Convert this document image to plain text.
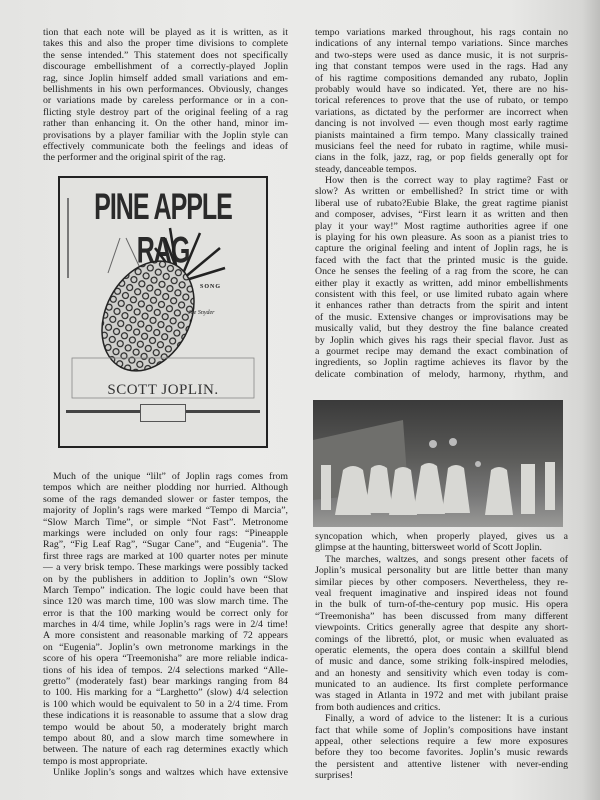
tion that each note will be played as it is written, as it
takes this and also the proper time divisions to complete
the sense intended.” This statement does not specifically
discourage embellishment of a correctly-played Joplin
rag, since Joplin himself added small variations and em-
bellishments in his own performances. Obviously, changes
or variations made by careless performance or in a con-
flicting style destroy part of the original feeling of a rag
rather than enhancing it. On the other hand, minor im-
provisations by a player familiar with the Joplin style can
effectively communicate both the feelings and ideas of
the performer and the original spirit of the rag.
PINE APPLE RAG
SONG
Joe Snyder
SCOTT JOPLIN.
Much of the unique “lilt” of Joplin rags comes from
tempos which are neither plodding nor hurried. Although
some of the rags demanded slower or faster tempos, the
majority of Joplin’s rags were marked “Tempo di Marcia”,
“Slow March Time”, or simple “Not Fast”. Metronome
markings were included on only four rags: “Pineapple
Rag”, “Fig Leaf Rag”, “Sugar Cane”, and “Eugenia”. The
first three rags are marked at 100 quarter notes per minute
— a very brisk tempo. These markings were possibly tacked
on by the publishers in addition to Joplin’s own “Slow
March Tempo” indication. The logic could have been that
since 120 was march time, 100 was slow march time. The
error is that the 100 marking would be correct only for
marches in 4/4 time, while Joplin’s rags were in 2/4 time!
A more consistent and reasonable marking of 72 appears
on “Eugenia”. Joplin’s own metronome markings in the
score of his opera “Treemonisha” are more reliable indica-
tions of his idea of tempos. 2/4 selections marked “Alle-
gretto” (moderately fast) bear markings ranging from 84
to 100. His marking for a “Larghetto” (slow) 4/4 selection
is 100 which would be equivalent to 50 in a 2/4 time. From
these indications it is reasonable to assume that a slow drag
tempo would be about 50, a moderately bright march
tempo about 80, and a slow march time somewhere in
between. The nature of each rag determines exactly which
tempo is most appropriate.
Unlike Joplin’s songs and waltzes which have extensive
tempo variations marked throughout, his rags contain no
indications of any internal tempo variations. Since marches
and two-steps were used as dance music, it is not surpris-
ing that constant tempos were used in the rags. Had any
of his ragtime compositions demanded any rubato, Joplin
probably would have so indicated. Yet, there are no his-
torical references to prove that the use of rubato, or tempo
variations, as dictated by the performer are incorrect when
dancing is not involved — even though most early ragtime
pianists maintained a firm tempo. Many classically trained
musicians feel the need for rubato in ragtime, while musi-
cians in the folk, jazz, rag, or pop fields generally opt for
steady, danceable tempos.
How then is the correct way to play ragtime? Fast or
slow? As written or embellished? In strict time or with
liberal use of rubato?Eubie Blake, the great ragtime pianist
and composer, advises, “First learn it as written and then
play it your way!” Most ragtime authorities agree if one
is playing for his own pleasure. As soon as a pianist tries to
capture the original feeling and intent of Joplin rags, he is
faced with the fact that the printed music is the guide.
Once he senses the feeling of a rag from the score, he can
either play it exactly as written, add minor embellishments
consistent with this feel, or use limited rubato again where
it enhances rather than detracts from the spirit and intent
of the music. Extensive changes or improvisations may be
musically valid, but they destroy the fine balance created
by Joplin which gives his rags their special flavor. Just as
a gourmet recipe may demand the exact combination of
ingredients, so Joplin ragtime achieves its flavor by the
delicate combination of melody, harmony, rhythm, and
syncopation which, when properly played, gives us a
glimpse at the haunting, bittersweet world of Scott Joplin.
The marches, waltzes, and songs present other facets of
Joplin’s musical personality but are little better than many
similar pieces by other composers. Nevertheless, they re-
veal frequent imaginative and inspired ideas not found
in the bulk of turn-of-the-century pop music. His opera
“Treemonisha” has been discussed from many different
viewpoints. Critics generally agree that despite any short-
comings of the librettó, plot, or music when evaluated as
operatic elements, the opera does contain a skillful blend
of music and dance, some striking folk-inspired melodies,
and an honesty and sensitivity which even today is com-
municated to an audience. Its first complete performance
was staged in Atlanta in 1972 and met with jubilant praise
from both audiences and critics.
Finally, a word of advice to the listener: It is a curious
fact that while some of Joplin’s compositions have instant
appeal, other selections require a few more exposures
before they too become favorites. Joplin’s music rewards
the persistent and attentive listener with never-ending
surprises!
